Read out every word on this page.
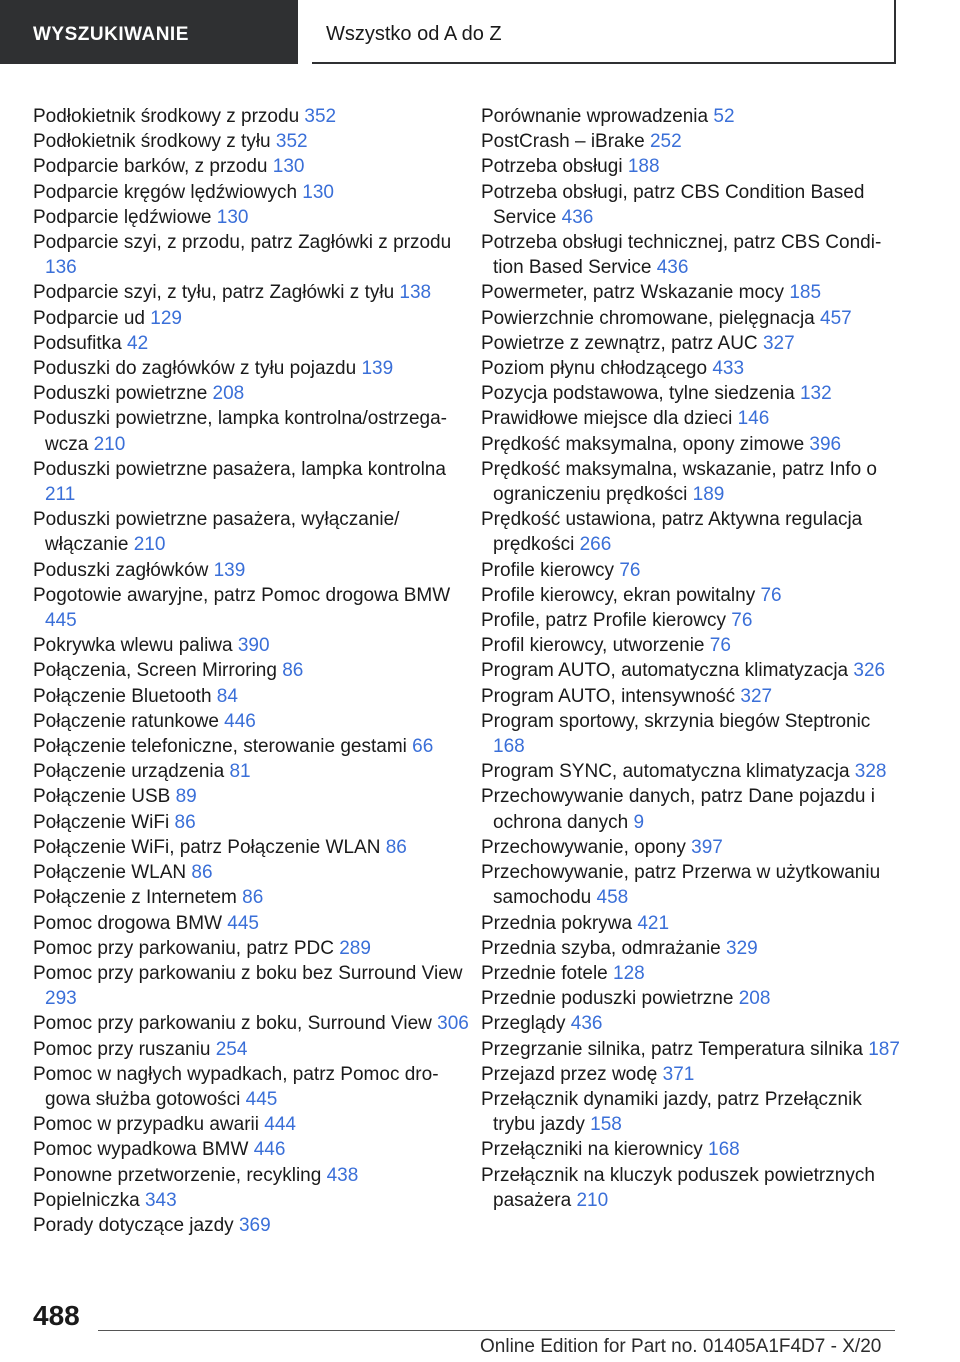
WYSZUKIWANIE	Wszystko od A do Z
Podłokietnik środkowy z przodu 352
Podłokietnik środkowy z tyłu 352
Podparcie barków, z przodu 130
Podparcie kręgów lędźwiowych 130
Podparcie lędźwiowe 130
Podparcie szyi, z przodu, patrz Zagłówki z przodu 136
Podparcie szyi, z tyłu, patrz Zagłówki z tyłu 138
Podparcie ud 129
Podsufitka 42
Poduszki do zagłówków z tyłu pojazdu 139
Poduszki powietrzne 208
Poduszki powietrzne, lampka kontrolna/ostrzegawcza 210
Poduszki powietrzne pasażera, lampka kontrolna 211
Poduszki powietrzne pasażera, wyłączanie/ włączanie 210
Poduszki zagłówków 139
Pogotowie awaryjne, patrz Pomoc drogowa BMW 445
Pokrywka wlewu paliwa 390
Połączenia, Screen Mirroring 86
Połączenie Bluetooth 84
Połączenie ratunkowe 446
Połączenie telefoniczne, sterowanie gestami 66
Połączenie urządzenia 81
Połączenie USB 89
Połączenie WiFi 86
Połączenie WiFi, patrz Połączenie WLAN 86
Połączenie WLAN 86
Połączenie z Internetem 86
Pomoc drogowa BMW 445
Pomoc przy parkowaniu, patrz PDC 289
Pomoc przy parkowaniu z boku bez Surround View 293
Pomoc przy parkowaniu z boku, Surround View 306
Pomoc przy ruszaniu 254
Pomoc w nagłych wypadkach, patrz Pomoc drogowa służba gotowości 445
Pomoc w przypadku awarii 444
Pomoc wypadkowa BMW 446
Ponowne przetworzenie, recykling 438
Popielniczka 343
Porady dotyczące jazdy 369
Porównanie wprowadzenia 52
PostCrash – iBrake 252
Potrzeba obsługi 188
Potrzeba obsługi, patrz CBS Condition Based Service 436
Potrzeba obsługi technicznej, patrz CBS Condition Based Service 436
Powermeter, patrz Wskazanie mocy 185
Powierzchnie chromowane, pielęgnacja 457
Powietrze z zewnątrz, patrz AUC 327
Poziom płynu chłodzącego 433
Pozycja podstawowa, tylne siedzenia 132
Prawidłowe miejsce dla dzieci 146
Prędkość maksymalna, opony zimowe 396
Prędkość maksymalna, wskazanie, patrz Info o ograniczeniu prędkości 189
Prędkość ustawiona, patrz Aktywna regulacja prędkości 266
Profile kierowcy 76
Profile kierowcy, ekran powitalny 76
Profile, patrz Profile kierowcy 76
Profil kierowcy, utworzenie 76
Program AUTO, automatyczna klimatyzacja 326
Program AUTO, intensywność 327
Program sportowy, skrzynia biegów Steptronic 168
Program SYNC, automatyczna klimatyzacja 328
Przechowywanie danych, patrz Dane pojazdu i ochrona danych 9
Przechowywanie, opony 397
Przechowywanie, patrz Przerwa w użytkowaniu samochodu 458
Przednia pokrywa 421
Przednia szyba, odmrażanie 329
Przednie fotele 128
Przednie poduszki powietrzne 208
Przeglądy 436
Przegrzanie silnika, patrz Temperatura silnika 187
Przejazd przez wodę 371
Przełącznik dynamiki jazdy, patrz Przełącznik trybu jazdy 158
Przełączniki na kierownicy 168
Przełącznik na kluczyk poduszek powietrznych pasażera 210
488
Online Edition for Part no. 01405A1F4D7 - X/20
